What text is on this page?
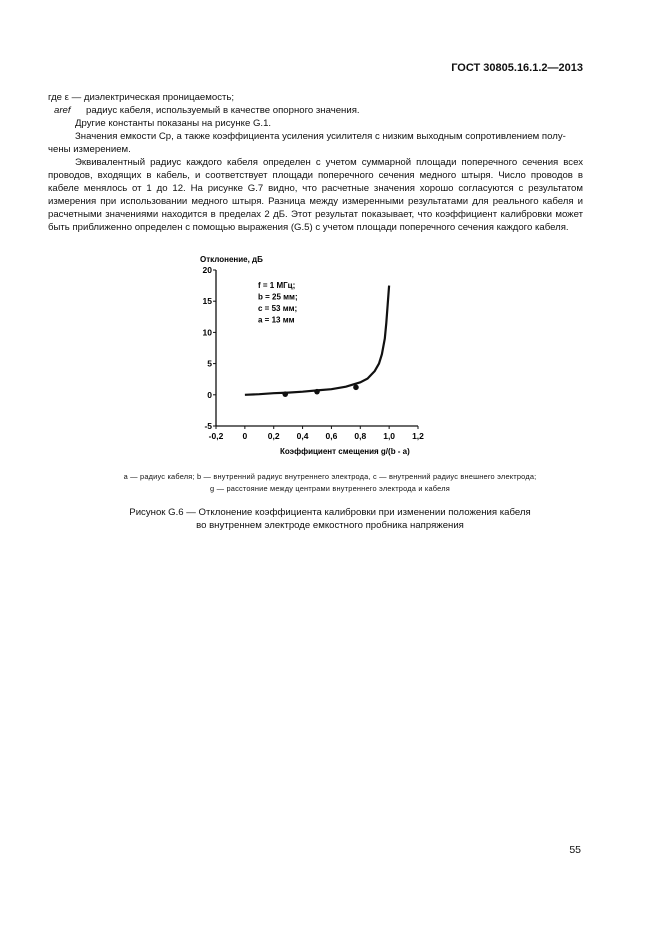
ГОСТ 30805.16.1.2—2013
где ε — диэлектрическая проницаемость;
aref радиус кабеля, используемый в качестве опорного значения.
Другие константы показаны на рисунке G.1.
Значения емкости Cp, а также коэффициента усиления усилителя с низким выходным сопротивлением полу-
чены измерением.
Эквивалентный радиус каждого кабеля определен с учетом суммарной площади поперечного сечения всех проводов, входящих в кабель, и соответствует площади поперечного сечения медного штыря. Число проводов в кабеле менялось от 1 до 12. На рисунке G.7 видно, что расчетные значения хорошо согласуются с результатом измерения при использовании медного штыря. Разница между измеренными результатами для реального кабеля и расчетными значениями находится в пределах 2 дБ. Этот результат показывает, что коэффициент калибровки может быть приближенно определен с помощью выражения (G.5) с учетом площади поперечного сечения каждого кабеля.
Отклонение, дБ
Коэффициент смещения g/(b - a)
-0,2 0 0,2 0,4 0,6 0,8 1,0 1,2
20
15
10
5
0
-5
f = 1 МГц;
b = 25 мм;
c = 53 мм;
a = 13 мм
a — радиус кабеля; b — внутренний радиус внутреннего электрода, c — внутренний радиус внешнего электрода;
g — расстояние между центрами внутреннего электрода и кабеля
Рисунок G.6 — Отклонение коэффициента калибровки при изменении положения кабеля
во внутреннем электроде емкостного пробника напряжения
55
